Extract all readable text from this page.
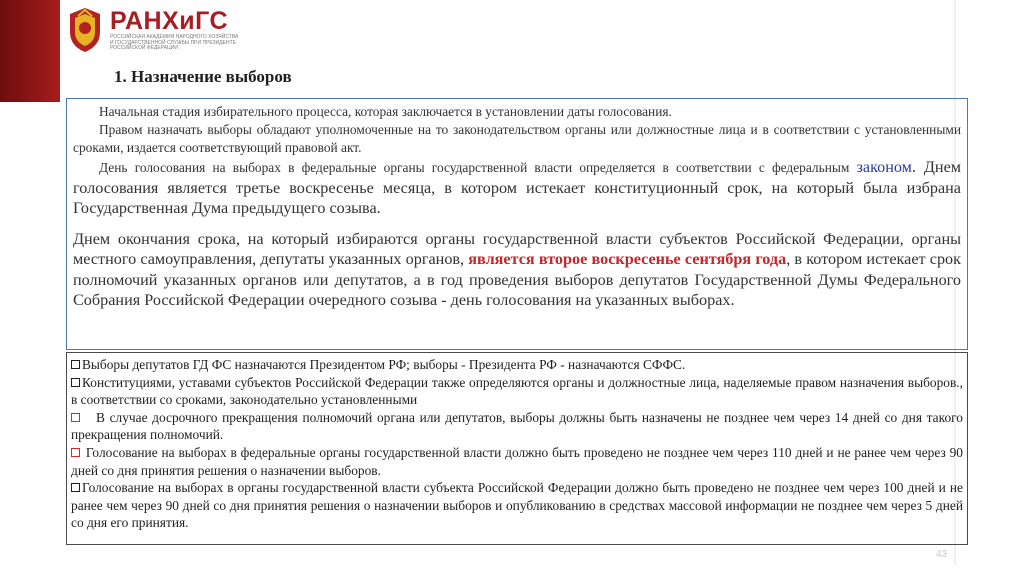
РАНХиГС
РОССИЙСКАЯ АКАДЕМИЯ НАРОДНОГО ХОЗЯЙСТВА И ГОСУДАРСТВЕННОЙ СЛУЖБЫ ПРИ ПРЕЗИДЕНТЕ РОССИЙСКОЙ ФЕДЕРАЦИИ
1. Назначение выборов

Начальная стадия избирательного процесса, которая заключается в установлении даты голосования.

Правом назначать выборы обладают уполномоченные на то законодательством органы или должностные лица и в соответствии с установленными сроками, издается соответствующий правовой акт.

День голосования на выборах в федеральные органы государственной власти определяется в соответствии с федеральным законом. Днем голосования является третье воскресенье месяца, в котором истекает конституционный срок, на который была избрана Государственная Дума предыдущего созыва.

Днем окончания срока, на который избираются органы государственной власти субъектов Российской Федерации, органы местного самоуправления, депутаты указанных органов, является второе воскресенье сентября года, в котором истекает срок полномочий указанных органов или депутатов, а в год проведения выборов депутатов Государственной Думы Федерального Собрания Российской Федерации очередного созыва - день голосования на указанных выборах.

Выборы депутатов ГД ФС назначаются Президентом РФ; выборы - Президента РФ - назначаются СФФС.

Конституциями, уставами субъектов Российской Федерации также определяются органы и должностные лица, наделяемые правом назначения выборов., в соответствии со сроками, законодательно установленными

В случае досрочного прекращения полномочий органа или депутатов, выборы должны быть назначены не позднее чем через 14 дней со дня такого прекращения полномочий.

Голосование на выборах в федеральные органы государственной власти должно быть проведено не позднее чем через 110 дней и не ранее чем через 90 дней со дня принятия решения о назначении выборов.

Голосование на выборах в органы государственной власти субъекта Российской Федерации должно быть проведено не позднее чем через 100 дней и не ранее чем через 90 дней со дня принятия решения о назначении выборов и опубликованию в средствах массовой информации не позднее чем через 5 дней со дня его принятия.

43
